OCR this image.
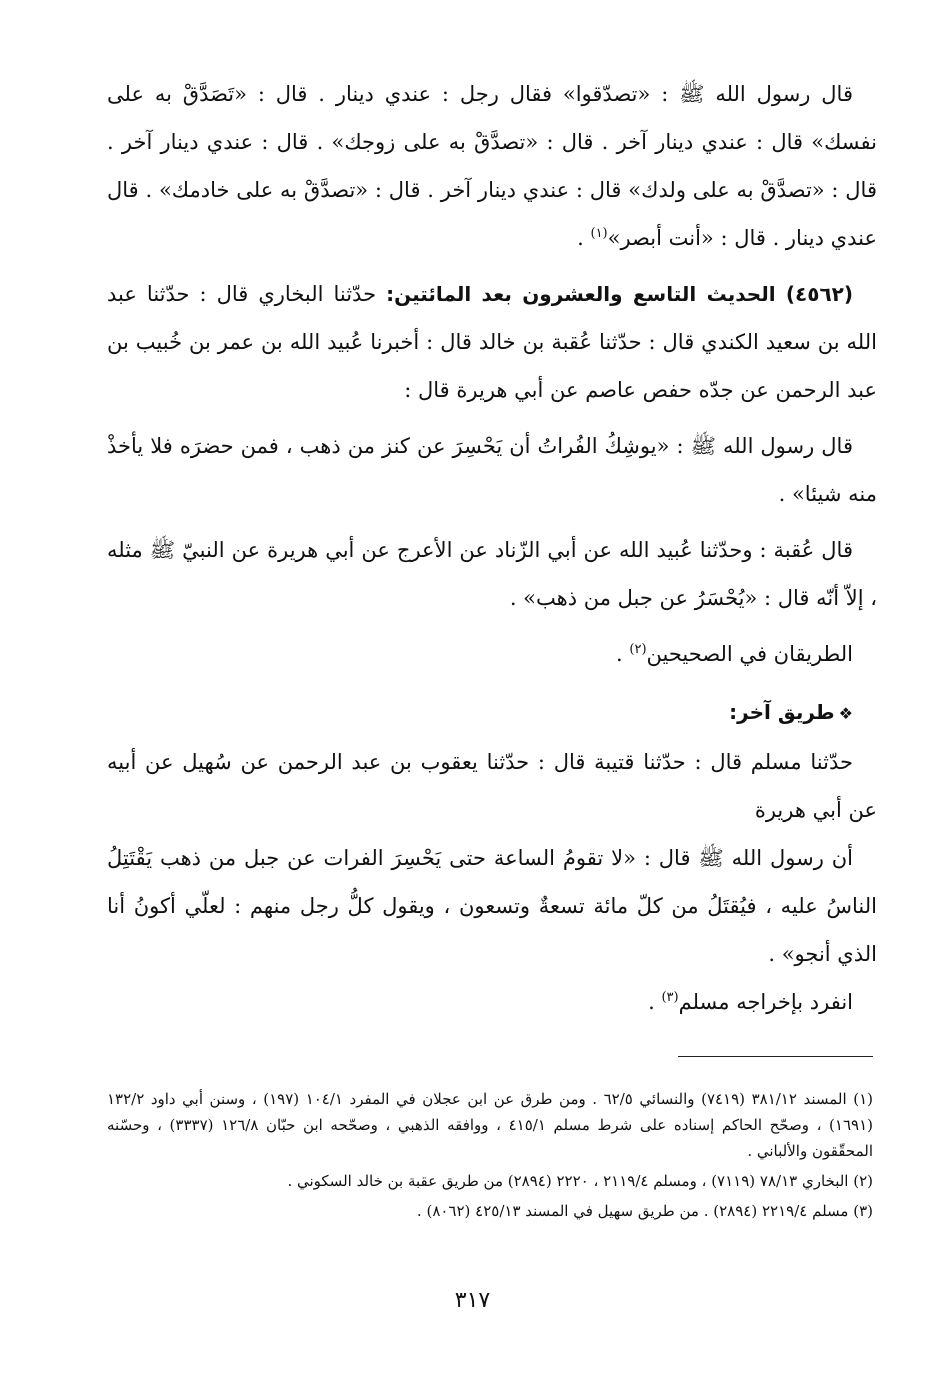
قال رسول الله ﷺ : «تصدّقوا» فقال رجل : عندي دينار . قال : «تَصَدَّقْ به على نفسك» قال : عندي دينار آخر . قال : «تصدَّقْ به على زوجك» . قال : عندي دينار آخر . قال : «تصدَّقْ به على ولدك» قال : عندي دينار آخر . قال : «تصدَّقْ به على خادمك» . قال عندي دينار . قال : «أنت أبصر»$^{(١)}$ .

(٤٥٦٢) الحديث التاسع والعشرون بعد المائتين: حدّثنا البخاري قال : حدّثنا عبد الله بن سعيد الكندي قال : حدّثنا عُقبة بن خالد قال : أخبرنا عُبيد الله بن عمر بن خُبيب بن عبد الرحمن عن جدّه حفص عاصم عن أبي هريرة قال :

قال رسول الله ﷺ : «يوشِكُ الفُراتُ أن يَحْسِرَ عن كنز من ذهب ، فمن حضرَه فلا يأخذْ منه شيئا» .

قال عُقبة : وحدّثنا عُبيد الله عن أبي الزّناد عن الأعرج عن أبي هريرة عن النبيّ ﷺ مثله ، إلاّ أنّه قال : «يُحْسَرُ عن جبل من ذهب» .

الطريقان في الصحيحين$^{(٢)}$ .

❖طريق آخر:

حدّثنا مسلم قال : حدّثنا قتيبة قال : حدّثنا يعقوب بن عبد الرحمن عن سُهيل عن أبيه عن أبي هريرة

أن رسول الله ﷺ قال : «لا تقومُ الساعة حتى يَحْسِرَ الفرات عن جبل من ذهب يَقْتَتِلُ الناسُ عليه ، فيُقتَلُ من كلّ مائة تسعةٌ وتسعون ، ويقول كلُّ رجل منهم : لعلّي أكونُ أنا الذي أنجو» .

انفرد بإخراجه مسلم$^{(٣)}$ .

(١) المسند ٣٨١/١٢ (٧٤١٩) والنسائي ٦٢/٥ . ومن طرق عن ابن عجلان في المفرد ١٠٤/١ (١٩٧) ، وسنن أبي داود ١٣٢/٢ (١٦٩١) ، وصحّح الحاكم إسناده على شرط مسلم ٤١٥/١ ، ووافقه الذهبي ، وصحّحه ابن حبّان ١٢٦/٨ (٣٣٣٧) ، وحسّنه المحقّقون والألباني .

(٢) البخاري ٧٨/١٣ (٧١١٩) ، ومسلم ٢١١٩/٤ ، ٢٢٢٠ (٢٨٩٤) من طريق عقبة بن خالد السكوني .

(٣) مسلم ٢٢١٩/٤ (٢٨٩٤) . من طريق سهيل في المسند ٤٢٥/١٣ (٨٠٦٢) .

٣١٧
